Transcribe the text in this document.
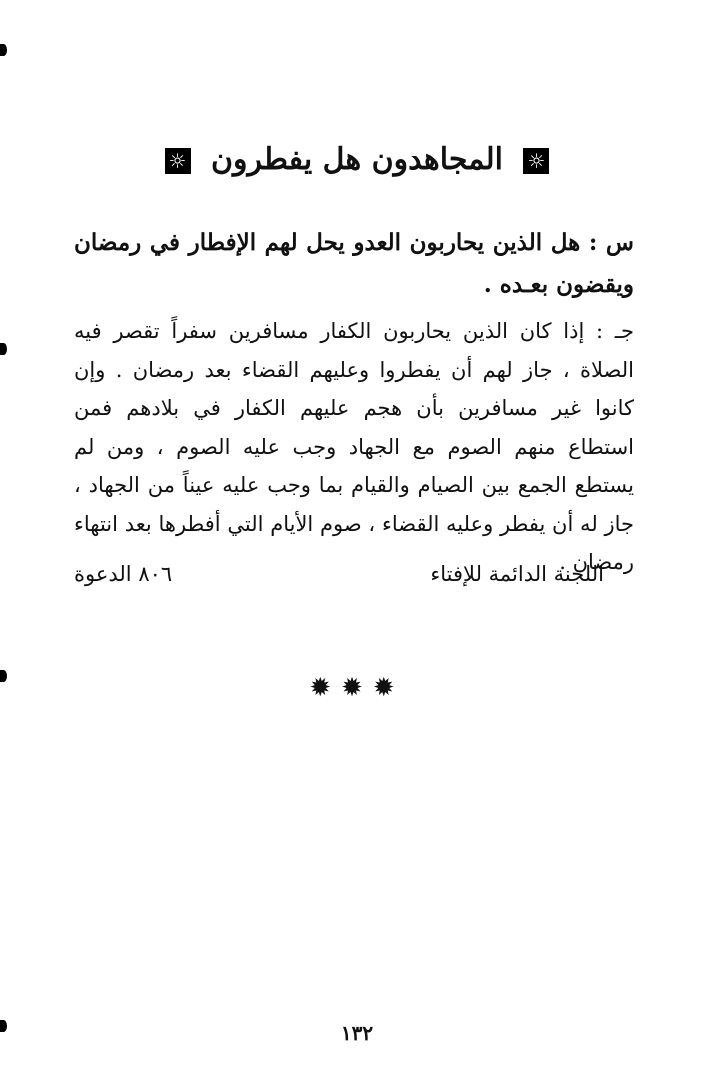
☼ المجاهدون هل يفطرون ☼
س : هل الذين يحاربون العدو يحل لهم الإفطار في رمضان ويقضون بعـده .
جـ : إذا كان الذين يحاربون الكفار مسافرين سفراً تقصر فيه الصلاة ، جاز لهم أن يفطروا وعليهم القضاء بعد رمضان . وإن كانوا غير مسافرين بأن هجم عليهم الكفار في بلادهم فمن استطاع منهم الصوم مع الجهاد وجب عليه الصوم ، ومن لم يستطع الجمع بين الصيام والقيام بما وجب عليه عيناً من الجهاد ، جاز له أن يفطر وعليه القضاء ، صوم الأيام التي أفطرها بعد انتهاء رمضان .
اللجنة الدائمة للإفتاء
٨٠٦ الدعوة
✹✹✹
١٣٢
